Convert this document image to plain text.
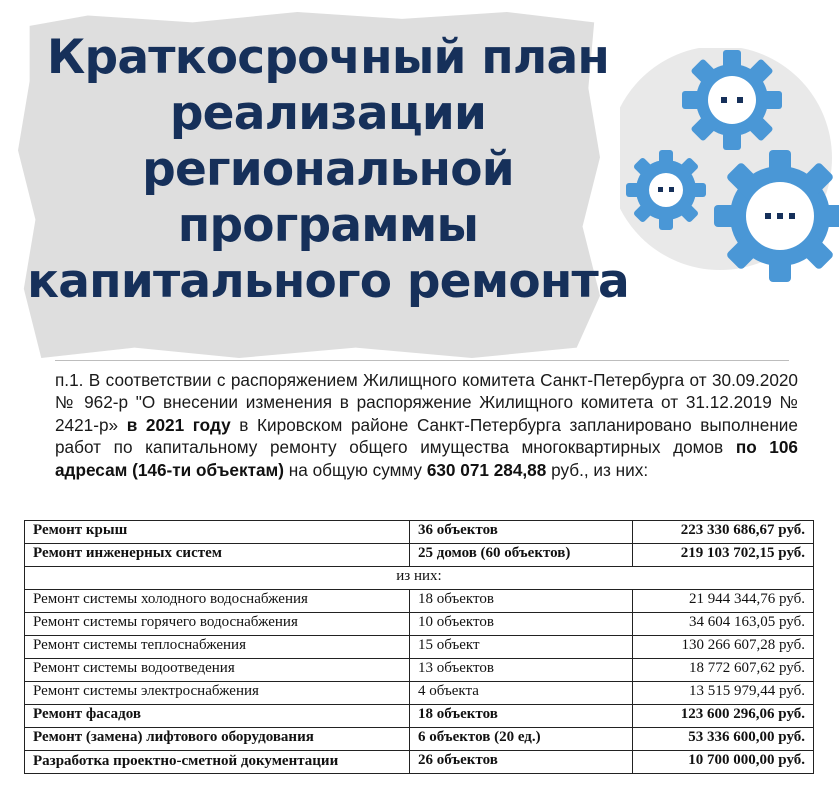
Краткосрочный план
реализации
региональной
программы
капитального ремонта

п.1. В соответствии с распоряжением Жилищного комитета Санкт-Петербурга от 30.09.2020 № 962-р "О внесении изменения в распоряжение Жилищного комитета от 31.12.2019 № 2421-р» в 2021 году в Кировском районе Санкт-Петербурга запланировано выполнение работ по капитальному ремонту общего имущества многоквартирных домов по 106 адресам (146-ти объектам) на общую сумму 630 071 284,88 руб., из них:

Ремонт крыш	36 объектов	223 330 686,67 руб.
Ремонт инженерных систем	25 домов (60 объектов)	219 103 702,15 руб.
из них:		
Ремонт системы холодного водоснабжения	18 объектов	21 944 344,76 руб.
Ремонт системы горячего водоснабжения	10 объектов	34 604 163,05 руб.
Ремонт системы теплоснабжения	15 объект	130 266 607,28 руб.
Ремонт системы водоотведения	13 объектов	18 772 607,62 руб.
Ремонт системы электроснабжения	4 объекта	13 515 979,44 руб.
Ремонт фасадов	18 объектов	123 600 296,06 руб.
Ремонт (замена) лифтового оборудования	6 объектов (20 ед.)	53 336 600,00 руб.
Разработка проектно-сметной документации	26 объектов	10 700 000,00 руб.
